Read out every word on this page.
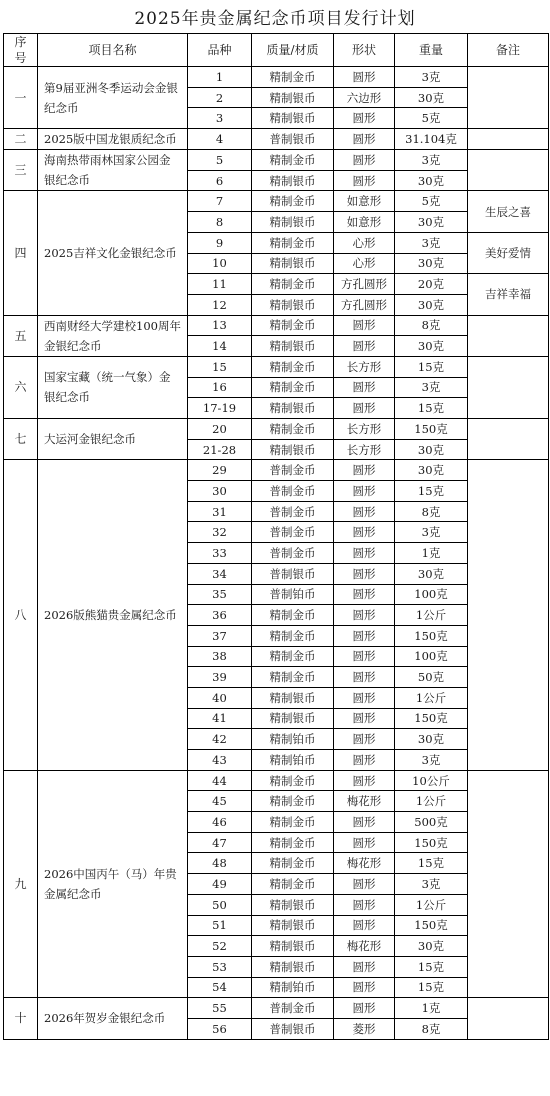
2025年贵金属纪念币项目发行计划
序号	项目名称	品种	质量/材质	形状	重量	备注
一	第9届亚洲冬季运动会金银纪念币	1	精制金币	圆形	3克	
		2	精制银币	六边形	30克	
		3	精制银币	圆形	5克	
二	2025版中国龙银质纪念币	4	普制银币	圆形	31.104克	
三	海南热带雨林国家公园金银纪念币	5	精制金币	圆形	3克	
		6	精制银币	圆形	30克	
四	2025吉祥文化金银纪念币	7	精制金币	如意形	5克	生辰之喜
		8	精制银币	如意形	30克	
		9	精制金币	心形	3克	美好爱情
		10	精制银币	心形	30克	
		11	精制金币	方孔圆形	20克	吉祥幸福
		12	精制银币	方孔圆形	30克	
五	西南财经大学建校100周年金银纪念币	13	精制金币	圆形	8克	
		14	精制银币	圆形	30克	
六	国家宝藏（统一气象）金银纪念币	15	精制金币	长方形	15克	
		16	精制金币	圆形	3克	
		17-19	精制银币	圆形	15克	
七	大运河金银纪念币	20	精制金币	长方形	150克	
		21-28	精制银币	长方形	30克	
八	2026版熊猫贵金属纪念币	29	普制金币	圆形	30克	
		30	普制金币	圆形	15克	
		31	普制金币	圆形	8克	
		32	普制金币	圆形	3克	
		33	普制金币	圆形	1克	
		34	普制银币	圆形	30克	
		35	普制铂币	圆形	100克	
		36	精制金币	圆形	1公斤	
		37	精制金币	圆形	150克	
		38	精制金币	圆形	100克	
		39	精制金币	圆形	50克	
		40	精制银币	圆形	1公斤	
		41	精制银币	圆形	150克	
		42	精制铂币	圆形	30克	
		43	精制铂币	圆形	3克	
九	2026中国丙午（马）年贵金属纪念币	44	精制金币	圆形	10公斤	
		45	精制金币	梅花形	1公斤	
		46	精制金币	圆形	500克	
		47	精制金币	圆形	150克	
		48	精制金币	梅花形	15克	
		49	精制金币	圆形	3克	
		50	精制银币	圆形	1公斤	
		51	精制银币	圆形	150克	
		52	精制银币	梅花形	30克	
		53	精制银币	圆形	15克	
		54	精制铂币	圆形	15克	
十	2026年贺岁金银纪念币	55	普制金币	圆形	1克	
		56	普制银币	菱形	8克	
